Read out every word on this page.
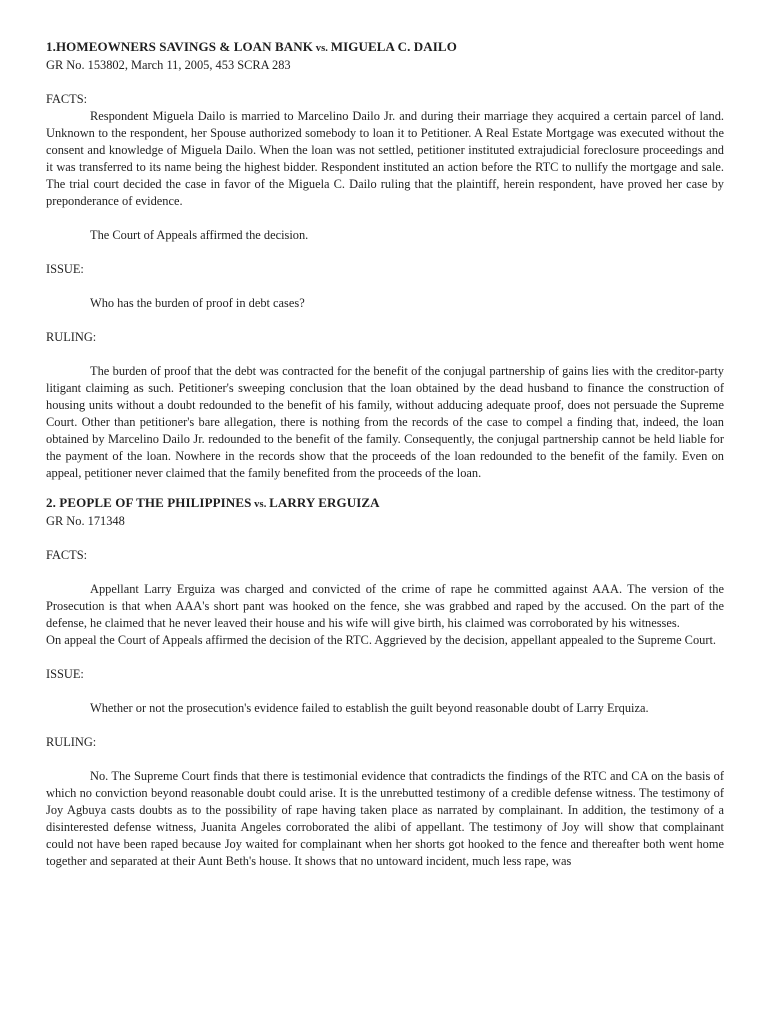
1.HOMEOWNERS SAVINGS & LOAN BANK vs. MIGUELA C. DAILO

GR No. 153802, March 11, 2005, 453 SCRA 283

FACTS:

Respondent Miguela Dailo is married to Marcelino Dailo Jr. and during their marriage they acquired a certain parcel of land. Unknown to the respondent, her Spouse authorized somebody to loan it to Petitioner. A Real Estate Mortgage was executed without the consent and knowledge of Miguela Dailo. When the loan was not settled, petitioner instituted extrajudicial foreclosure proceedings and it was transferred to its name being the highest bidder. Respondent instituted an action before the RTC to nullify the mortgage and sale. The trial court decided the case in favor of the Miguela C. Dailo ruling that the plaintiff, herein respondent, have proved her case by preponderance of evidence.

The Court of Appeals affirmed the decision.

ISSUE:

Who has the burden of proof in debt cases?

RULING:

The burden of proof that the debt was contracted for the benefit of the conjugal partnership of gains lies with the creditor-party litigant claiming as such. Petitioner's sweeping conclusion that the loan obtained by the dead husband to finance the construction of housing units without a doubt redounded to the benefit of his family, without adducing adequate proof, does not persuade the Supreme Court. Other than petitioner's bare allegation, there is nothing from the records of the case to compel a finding that, indeed, the loan obtained by Marcelino Dailo Jr. redounded to the benefit of the family. Consequently, the conjugal partnership cannot be held liable for the payment of the loan. Nowhere in the records show that the proceeds of the loan redounded to the benefit of the family. Even on appeal, petitioner never claimed that the family benefited from the proceeds of the loan.

2. PEOPLE OF THE PHILIPPINES vs. LARRY ERGUIZA

GR No. 171348

FACTS:

Appellant Larry Erguiza was charged and convicted of the crime of rape he committed against AAA. The version of the Prosecution is that when AAA's short pant was hooked on the fence, she was grabbed and raped by the accused. On the part of the defense, he claimed that he never leaved their house and his wife will give birth, his claimed was corroborated by his witnesses.

On appeal the Court of Appeals affirmed the decision of the RTC. Aggrieved by the decision, appellant appealed to the Supreme Court.

ISSUE:

Whether or not the prosecution's evidence failed to establish the guilt beyond reasonable doubt of Larry Erquiza.

RULING:

No. The Supreme Court finds that there is testimonial evidence that contradicts the findings of the RTC and CA on the basis of which no conviction beyond reasonable doubt could arise. It is the unrebutted testimony of a credible defense witness. The testimony of Joy Agbuya casts doubts as to the possibility of rape having taken place as narrated by complainant. In addition, the testimony of a disinterested defense witness, Juanita Angeles corroborated the alibi of appellant. The testimony of Joy will show that complainant could not have been raped because Joy waited for complainant when her shorts got hooked to the fence and thereafter both went home together and separated at their Aunt Beth's house. It shows that no untoward incident, much less rape, was
